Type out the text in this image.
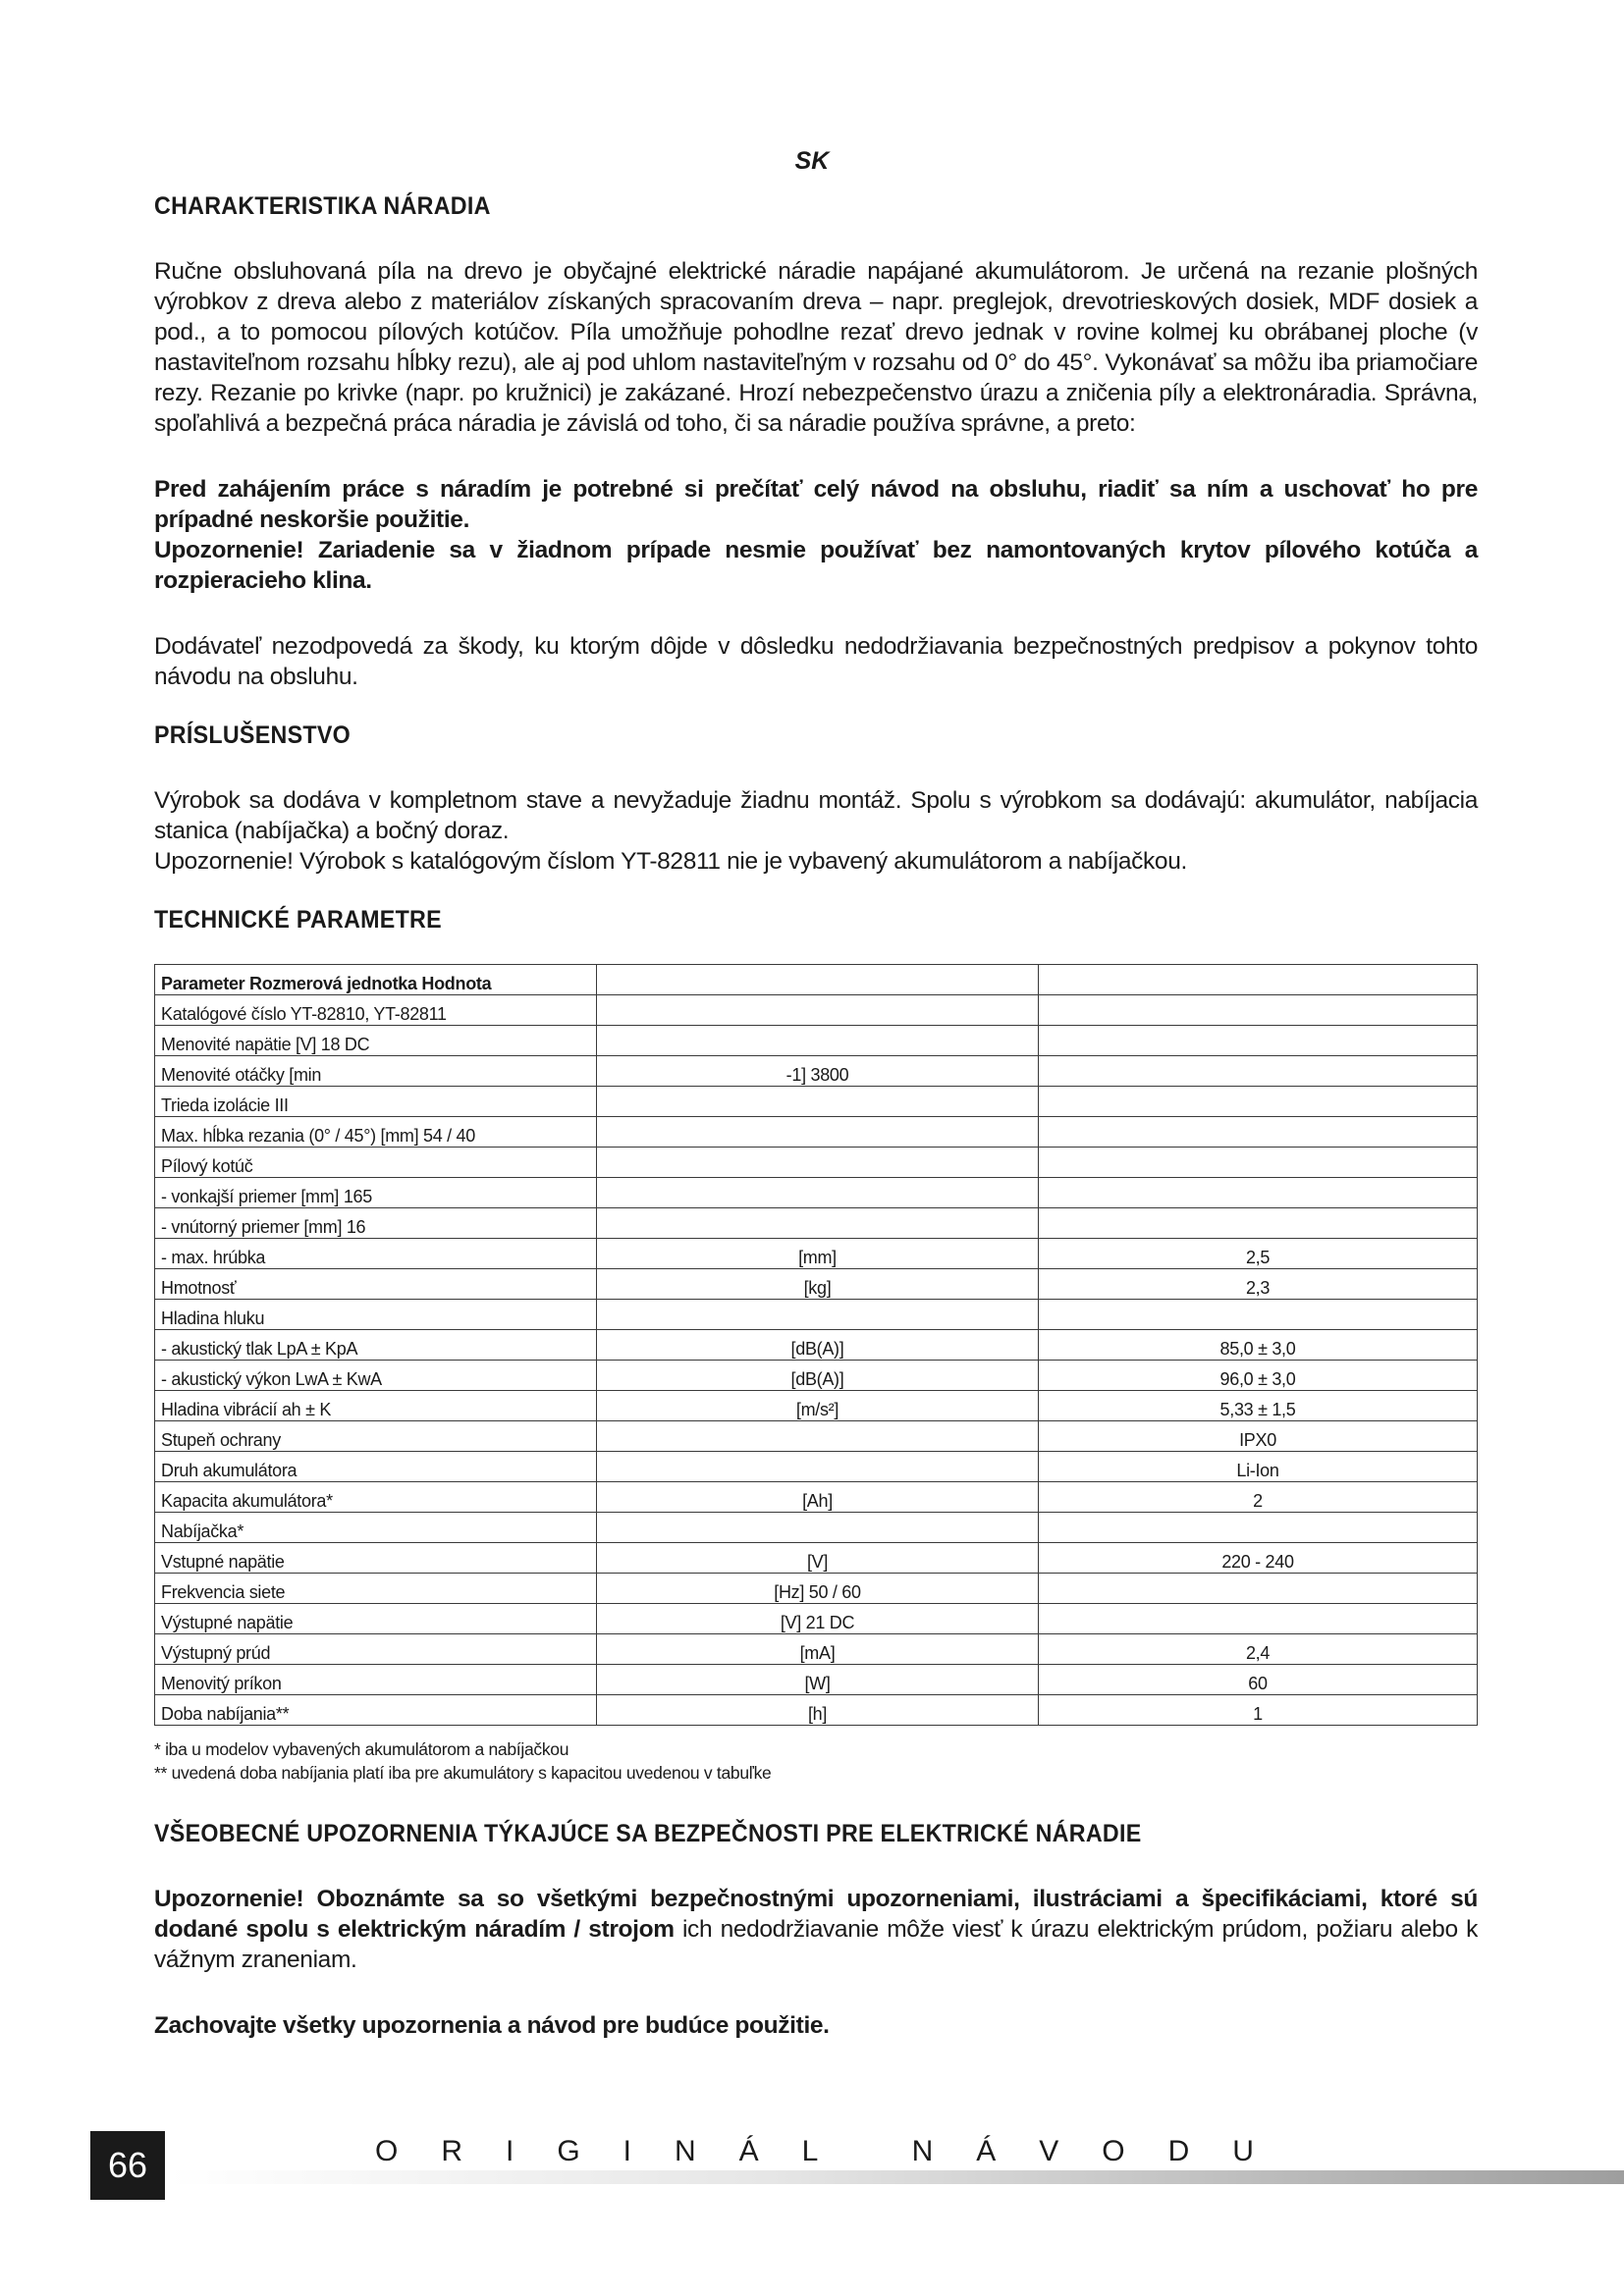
SK
CHARAKTERISTIKA NÁRADIA

Ručne obsluhovaná píla na drevo je obyčajné elektrické náradie napájané akumulátorom. Je určená na rezanie plošných výrobkov z dreva alebo z materiálov získaných spracovaním dreva – napr. preglejok, drevotrieskových dosiek, MDF dosiek a pod., a to pomocou pílových kotúčov. Píla umožňuje pohodlne rezať drevo jednak v rovine kolmej ku obrábanej ploche (v nastaviteľnom rozsahu hĺbky rezu), ale aj pod uhlom nastaviteľným v rozsahu od 0° do 45°. Vykonávať sa môžu iba priamočiare rezy. Rezanie po krivke (napr. po kružnici) je zakázané. Hrozí nebezpečenstvo úrazu a zničenia píly a elektronáradia. Správna, spoľahlivá a bezpečná práca náradia je závislá od toho, či sa náradie používa správne, a preto:

Pred zahájením práce s náradím je potrebné si prečítať celý návod na obsluhu, riadiť sa ním a uschovať ho pre prípadné neskoršie použitie.

Upozornenie! Zariadenie sa v žiadnom prípade nesmie používať bez namontovaných krytov pílového kotúča a rozpieracieho klina.

Dodávateľ nezodpovedá za škody, ku ktorým dôjde v dôsledku nedodržiavania bezpečnostných predpisov a pokynov tohto návodu na obsluhu.

PRÍSLUŠENSTVO

Výrobok sa dodáva v kompletnom stave a nevyžaduje žiadnu montáž. Spolu s výrobkom sa dodávajú: akumulátor, nabíjacia stanica (nabíjačka) a bočný doraz.

Upozornenie! Výrobok s katalógovým číslom YT-82811 nie je vybavený akumulátorom a nabíjačkou.

TECHNICKÉ PARAMETRE
Parameter Rozmerová jednotka Hodnota		
Katalógové číslo YT-82810, YT-82811		
Menovité napätie [V] 18 DC		
Menovité otáčky [min	-1] 3800	
Trieda izolácie III		
Max. hĺbka rezania (0° / 45°) [mm] 54 / 40		
Pílový kotúč		
- vonkajší priemer [mm] 165		
- vnútorný priemer [mm] 16		
- max. hrúbka	[mm]	2,5
Hmotnosť	[kg]	2,3
Hladina hluku		
- akustický tlak LpA ± KpA	[dB(A)]	85,0 ± 3,0
- akustický výkon LwA ± KwA	[dB(A)]	96,0 ± 3,0
Hladina vibrácií ah ± K	[m/s²]	5,33 ± 1,5
Stupeň ochrany		IPX0
Druh akumulátora		Li-Ion
Kapacita akumulátora*	[Ah]	2
Nabíjačka*		
Vstupné napätie	[V]	220 - 240
Frekvencia siete	[Hz] 50 / 60	
Výstupné napätie	[V] 21 DC	
Výstupný prúd	[mA]	2,4
Menovitý príkon	[W]	60
Doba nabíjania**	[h]	1
* iba u modelov vybavených akumulátorom a nabíjačkou
** uvedená doba nabíjania platí iba pre akumulátory s kapacitou uvedenou v tabuľke
VŠEOBECNÉ UPOZORNENIA TÝKAJÚCE SA BEZPEČNOSTI PRE ELEKTRICKÉ NÁRADIE

Upozornenie! Oboznámte sa so všetkými bezpečnostnými upozorneniami, ilustráciami a špecifikáciami, ktoré sú dodané spolu s elektrickým náradím / strojom ich nedodržiavanie môže viesť k úrazu elektrickým prúdom, požiaru alebo k vážnym zraneniam.

Zachovajte všetky upozornenia a návod pre budúce použitie.

66	ORIGINÁL NÁVODU
